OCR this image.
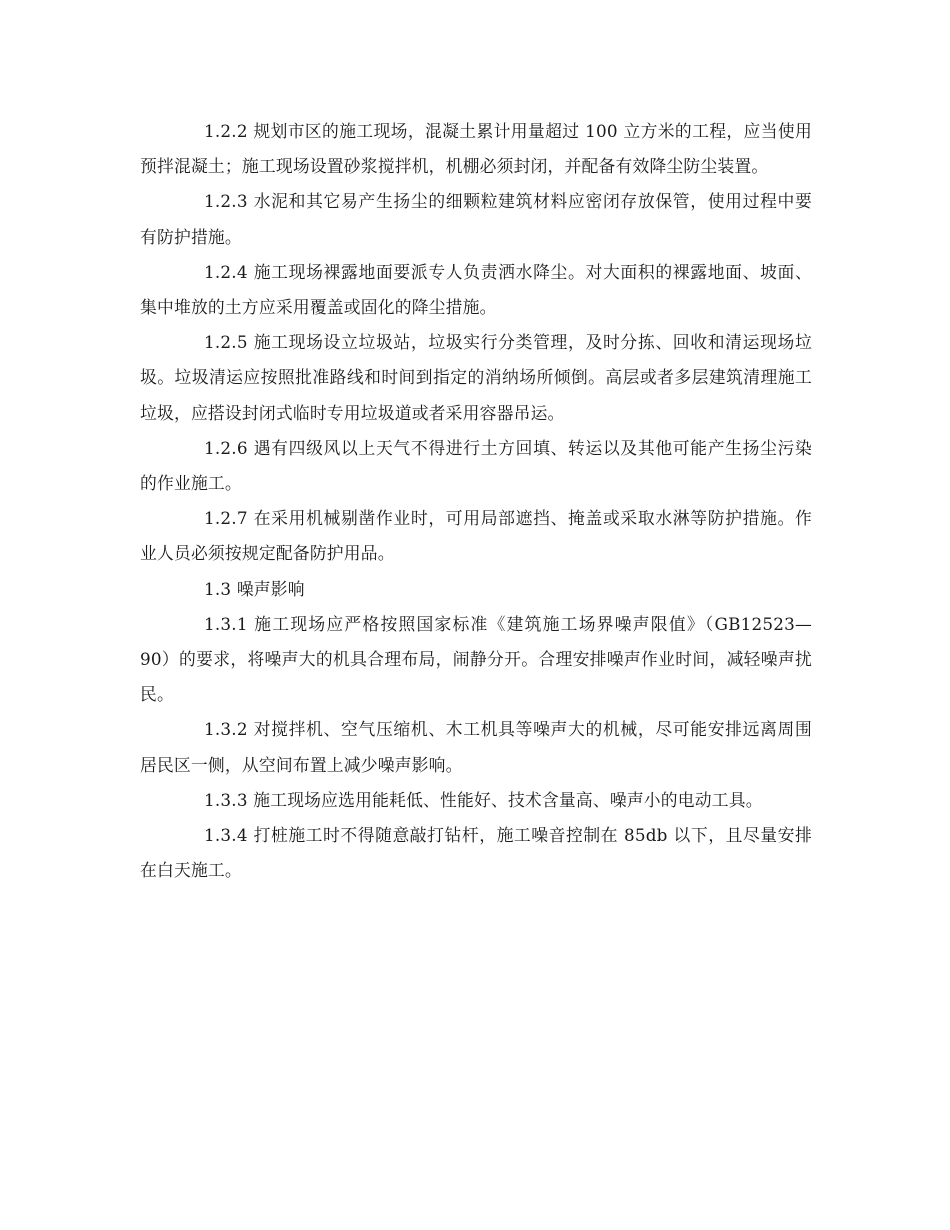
1.2.2 规划市区的施工现场，混凝土累计用量超过 100 立方米的工程，应当使用预拌混凝土；施工现场设置砂浆搅拌机，机棚必须封闭，并配备有效降尘防尘装置。

1.2.3 水泥和其它易产生扬尘的细颗粒建筑材料应密闭存放保管，使用过程中要有防护措施。

1.2.4 施工现场裸露地面要派专人负责洒水降尘。对大面积的裸露地面、坡面、集中堆放的土方应采用覆盖或固化的降尘措施。

1.2.5 施工现场设立垃圾站，垃圾实行分类管理，及时分拣、回收和清运现场垃圾。垃圾清运应按照批准路线和时间到指定的消纳场所倾倒。高层或者多层建筑清理施工垃圾，应搭设封闭式临时专用垃圾道或者采用容器吊运。

1.2.6 遇有四级风以上天气不得进行土方回填、转运以及其他可能产生扬尘污染的作业施工。

1.2.7 在采用机械剔凿作业时，可用局部遮挡、掩盖或采取水淋等防护措施。作业人员必须按规定配备防护用品。

1.3 噪声影响

1.3.1 施工现场应严格按照国家标准《建筑施工场界噪声限值》（GB12523—90）的要求，将噪声大的机具合理布局，闹静分开。合理安排噪声作业时间，减轻噪声扰民。

1.3.2 对搅拌机、空气压缩机、木工机具等噪声大的机械，尽可能安排远离周围居民区一侧，从空间布置上减少噪声影响。

1.3.3 施工现场应选用能耗低、性能好、技术含量高、噪声小的电动工具。

1.3.4 打桩施工时不得随意敲打钻杆，施工噪音控制在 85db 以下，且尽量安排在白天施工。
